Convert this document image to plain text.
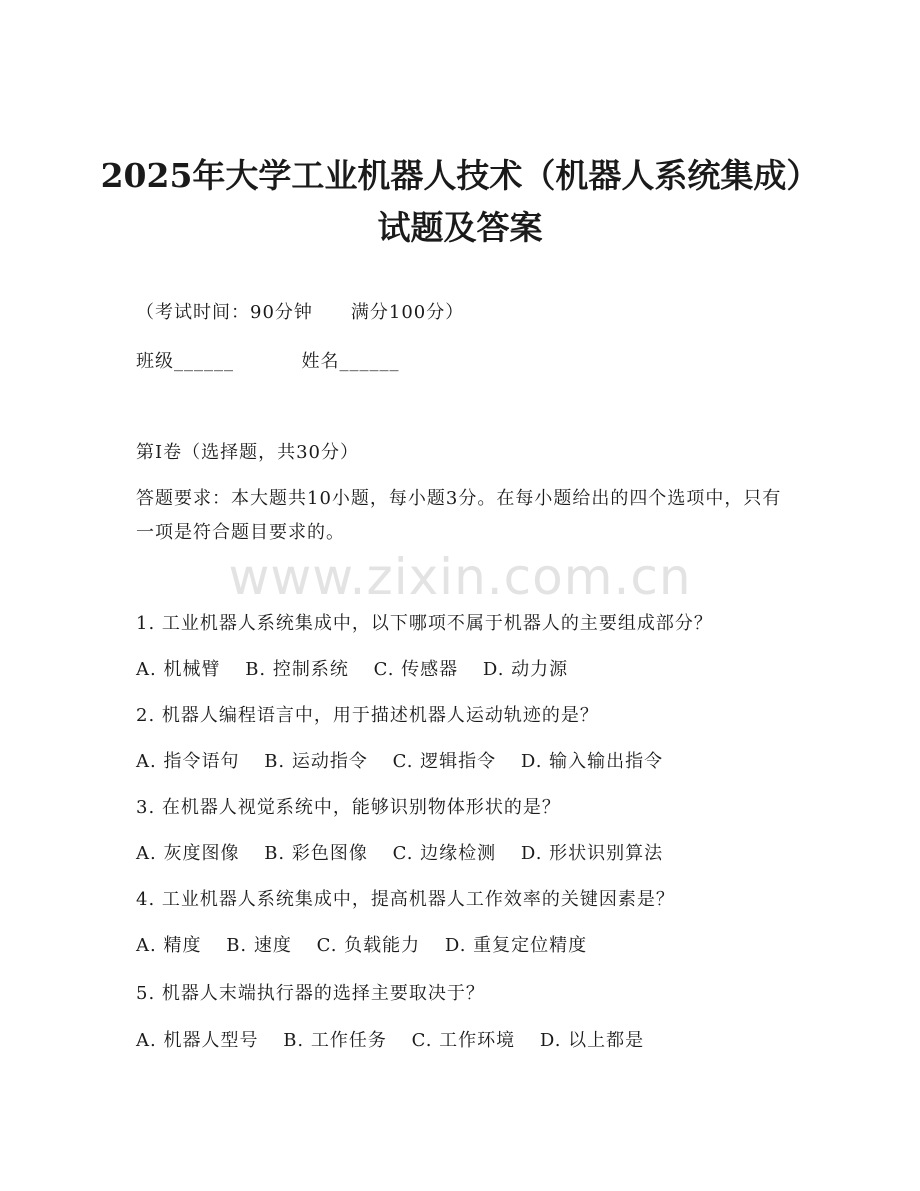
2025年大学工业机器人技术（机器人系统集成）试题及答案
（考试时间：90分钟　　满分100分）
班级______	姓名______
第I卷（选择题，共30分）
答题要求：本大题共10小题，每小题3分。在每小题给出的四个选项中，只有一项是符合题目要求的。
www.zixin.com.cn
1. 工业机器人系统集成中，以下哪项不属于机器人的主要组成部分？
A. 机械臂 B. 控制系统 C. 传感器 D. 动力源
2. 机器人编程语言中，用于描述机器人运动轨迹的是？
A. 指令语句 B. 运动指令 C. 逻辑指令 D. 输入输出指令
3. 在机器人视觉系统中，能够识别物体形状的是？
A. 灰度图像 B. 彩色图像 C. 边缘检测 D. 形状识别算法
4. 工业机器人系统集成中，提高机器人工作效率的关键因素是？
A. 精度 B. 速度 C. 负载能力 D. 重复定位精度
5. 机器人末端执行器的选择主要取决于？
A. 机器人型号 B. 工作任务 C. 工作环境 D. 以上都是
